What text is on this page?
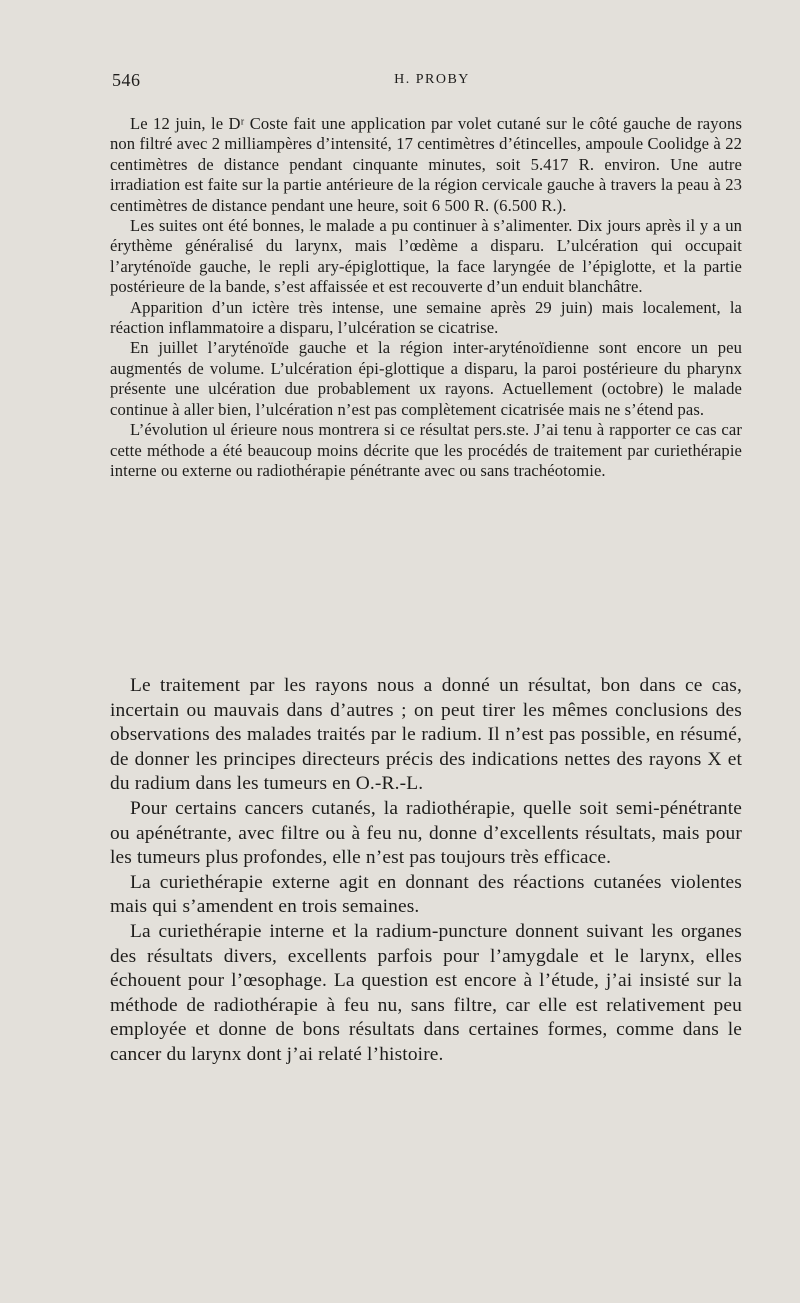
546	H. PROBY

Le 12 juin, le Dʳ Coste fait une application par volet cutané sur le côté gauche de rayons non filtré avec 2 milliampères d’intensité, 17 centimètres d’étincelles, ampoule Coolidge à 22 centimètres de distance pendant cinquante minutes, soit 5.417 R. environ. Une autre irradiation est faite sur la partie antérieure de la région cervicale gauche à travers la peau à 23 centimètres de distance pendant une heure, soit 6 500 R. (6.500 R.).

Les suites ont été bonnes, le malade a pu continuer à s’alimenter. Dix jours après il y a un érythème généralisé du larynx, mais l’œdème a disparu. L’ulcération qui occupait l’aryténoïde gauche, le repli ary-épiglottique, la face laryngée de l’épiglotte, et la partie postérieure de la bande, s’est affaissée et est recouverte d’un enduit blanchâtre.

Apparition d’un ictère très intense, une semaine après 29 juin) mais localement, la réaction inflammatoire a disparu, l’ulcération se cicatrise.

En juillet l’aryténoïde gauche et la région inter-aryténoïdienne sont encore un peu augmentés de volume. L’ulcération épi-glottique a disparu, la paroi postérieure du pharynx présente une ulcération due probablement ux rayons. Actuellement (octobre) le malade continue à aller bien, l’ulcération n’est pas complètement cicatrisée mais ne s’étend pas.

L’évolution ul érieure nous montrera si ce résultat pers.ste. J’ai tenu à rapporter ce cas car cette méthode a été beaucoup moins décrite que les procédés de traitement par curiethérapie interne ou externe ou radiothérapie pénétrante avec ou sans trachéotomie.

Le traitement par les rayons nous a donné un résultat, bon dans ce cas, incertain ou mauvais dans d’autres ; on peut tirer les mêmes conclusions des observations des malades traités par le radium. Il n’est pas possible, en résumé, de donner les principes directeurs précis des indications nettes des rayons X et du radium dans les tumeurs en O.-R.-L.

Pour certains cancers cutanés, la radiothérapie, quelle soit semi-pénétrante ou apénétrante, avec filtre ou à feu nu, donne d’excellents résultats, mais pour les tumeurs plus profondes, elle n’est pas toujours très efficace.

La curiethérapie externe agit en donnant des réactions cutanées violentes mais qui s’amendent en trois semaines.

La curiethérapie interne et la radium-puncture donnent suivant les organes des résultats divers, excellents parfois pour l’amygdale et le larynx, elles échouent pour l’œsophage. La question est encore à l’étude, j’ai insisté sur la méthode de radiothérapie à feu nu, sans filtre, car elle est relativement peu employée et donne de bons résultats dans certaines formes, comme dans le cancer du larynx dont j’ai relaté l’histoire.
